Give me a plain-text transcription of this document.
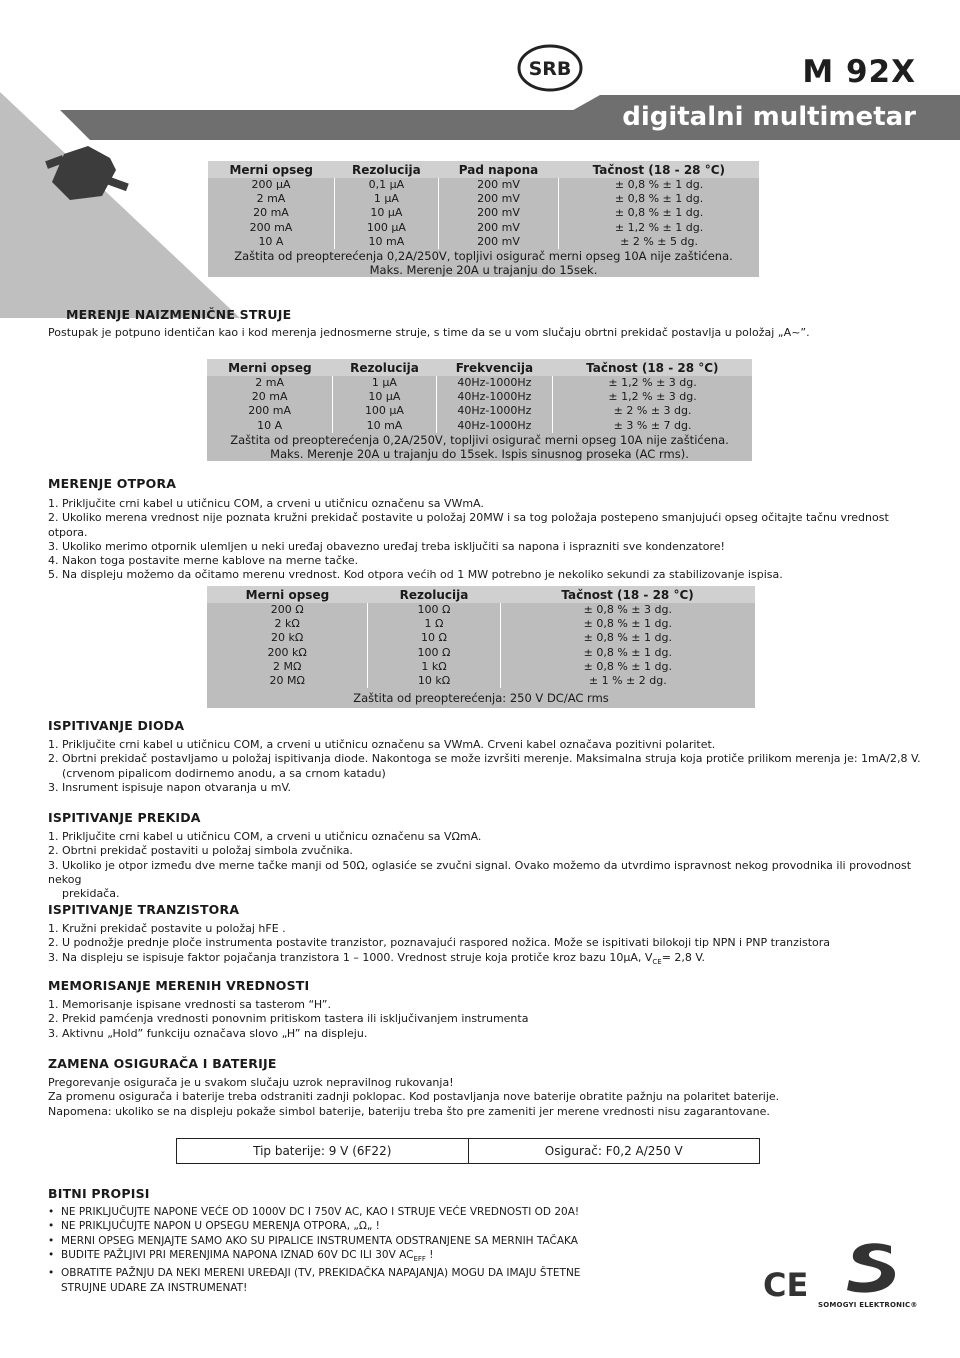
SRB	M 92X
digitalni multimetar
Merni opseg	Rezolucija	Pad napona	Tačnost (18 - 28 °C)
200 µA	0,1 µA	200 mV	± 0,8 % ± 1 dg.
2 mA	1 µA	200 mV	± 0,8 % ± 1 dg.
20 mA	10 µA	200 mV	± 0,8 % ± 1 dg.
200 mA	100 µA	200 mV	± 1,2 % ± 1 dg.
10 A	10 mA	200 mV	± 2 % ± 5 dg.
Zaštita od preopterećenja 0,2A/250V, topljivi osigurač merni opseg 10A nije zaštićena.			
Maks. Merenje 20A u trajanju do 15sek.			
MERENJE NAIZMENIČNE STRUJE
Postupak je potpuno identičan kao i kod merenja jednosmerne struje, s time da se u vom slučaju obrtni prekidač postavlja u položaj „A~”.
Merni opseg	Rezolucija	Frekvencija	Tačnost (18 - 28 °C)
2 mA	1 µA	40Hz-1000Hz	± 1,2 % ± 3 dg.
20 mA	10 µA	40Hz-1000Hz	± 1,2 % ± 3 dg.
200 mA	100 µA	40Hz-1000Hz	± 2 % ± 3 dg.
10 A	10 mA	40Hz-1000Hz	± 3 % ± 7 dg.
Zaštita od preopterećenja 0,2A/250V, topljivi osigurač merni opseg 10A nije zaštićena.			
Maks. Merenje 20A u trajanju do 15sek. Ispis sinusnog proseka (AC rms).			
MERENJE OTPORA

1. Priključite crni kabel u utičnicu COM, a crveni u utičnicu označenu sa VWmA.

2. Ukoliko merena vrednost nije poznata kružni prekidač postavite u položaj 20MW i sa tog položaja postepeno smanjujući opseg očitajte tačnu vrednost otpora.

3. Ukoliko merimo otpornik ulemljen u neki uređaj obavezno uređaj treba isključiti sa napona i isprazniti sve kondenzatore!

4. Nakon toga postavite merne kablove na merne tačke.

5. Na displeju možemo da očitamo merenu vrednost. Kod otpora većih od 1 MW potrebno je nekoliko sekundi za stabilizovanje ispisa.

Merni opseg	Rezolucija	Tačnost (18 - 28 °C)
200 Ω	100 Ω	± 0,8 % ± 3 dg.
2 kΩ	1 Ω	± 0,8 % ± 1 dg.
20 kΩ	10 Ω	± 0,8 % ± 1 dg.
200 kΩ	100 Ω	± 0,8 % ± 1 dg.
2 MΩ	1 kΩ	± 0,8 % ± 1 dg.
20 MΩ	10 kΩ	± 1 % ± 2 dg.
Zaštita od preopterećenja: 250 V DC/AC rms		
ISPITIVANJE DIODA

1. Priključite crni kabel u utičnicu COM, a crveni u utičnicu označenu sa VWmA. Crveni kabel označava pozitivni polaritet.

2. Obrtni prekidač postavljamo u položaj ispitivanja diode. Nakontoga se može izvršiti merenje. Maksimalna struja koja protiče prilikom merenja je: 1mA/2,8 V.

(crvenom pipalicom dodirnemo anodu, a sa crnom katadu)

3. Insrument ispisuje napon otvaranja u mV.

ISPITIVANJE PREKIDA

1. Priključite crni kabel u utičnicu COM, a crveni u utičnicu označenu sa VΩmA.

2. Obrtni prekidač postaviti u položaj simbola zvučnika.

3. Ukoliko je otpor između dve merne tačke manji od 50Ω, oglasiće se zvučni signal. Ovako možemo da utvrdimo ispravnost nekog provodnika ili provodnost nekog

prekidača.

ISPITIVANJE TRANZISTORA

1. Kružni prekidač postavite u položaj hFE .

2. U podnožje prednje ploče instrumenta postavite tranzistor, poznavajući raspored nožica. Može se ispitivati bilokoji tip NPN i PNP tranzistora

3. Na displeju se ispisuje faktor pojačanja tranzistora 1 – 1000. Vrednost struje koja protiče kroz bazu 10µA, $V_{CE}= 2,8$ V.

MEMORISANJE MERENIH VREDNOSTI

1. Memorisanje ispisane vrednosti sa tasterom “H”.

2. Prekid pamćenja vrednosti ponovnim pritiskom tastera ili isključivanjem instrumenta

3. Aktivnu „Hold” funkciju označava slovo „H” na displeju.

ZAMENA OSIGURAČA I BATERIJE

Pregorevanje osigurača je u svakom slučaju uzrok nepravilnog rukovanja!

Za promenu osigurača i baterije treba odstraniti zadnji poklopac. Kod postavljanja nove baterije obratite pažnju na polaritet baterije.

Napomena: ukoliko se na displeju pokaže simbol baterije, bateriju treba što pre zameniti jer merene vrednosti nisu zagarantovane.

Tip baterije: 9 V (6F22)	Osigurač: F0,2 A/250 V
BITNI PROPISI
• NE PRIKLJUČUJTE NAPONE VEĆE OD 1000V DC I 750V AC, KAO I STRUJE VEĆE VREDNOSTI OD 20A!
• NE PRIKLJUČUJTE NAPON U OPSEGU MERENJA OTPORA, „Ω„ !
• MERNI OPSEG MENJAJTE SAMO AKO SU PIPALICE INSTRUMENTA ODSTRANJENE SA MERNIH TAČAKA
• BUDITE PAŽLJIVI PRI MERENJIMA NAPONA IZNAD 60V DC ILI 30V $AC_{EFF}$ !
• OBRATITE PAŽNJU DA NEKI MERENI UREĐAJI (TV, PREKIDAČKA NAPAJANJA) MOGU DA IMAJU ŠTETNE
STRUJNE UDARE ZA INSTRUMENAT!	CE
SOMOGYI ELEKTRONIC®
